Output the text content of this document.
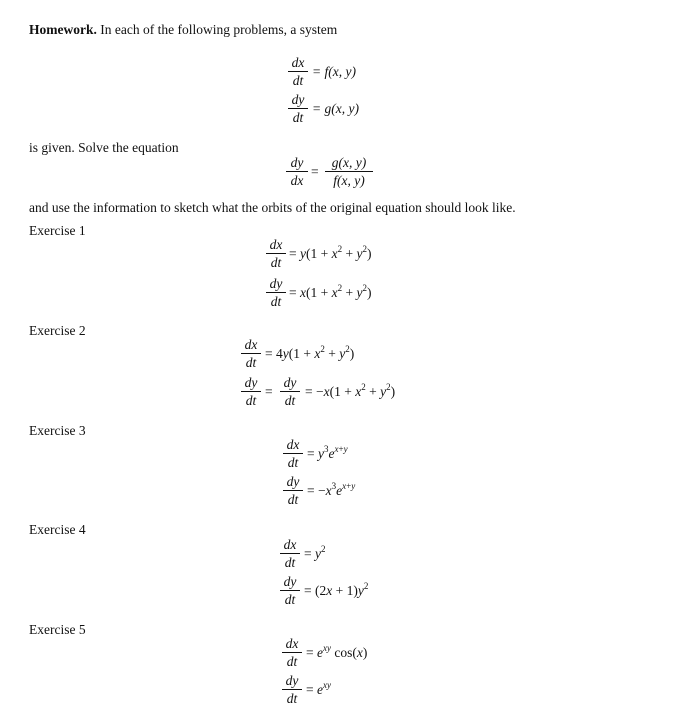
Homework. In each of the following problems, a system
$\frac{dx}{dt} = f(x$, y)
$\frac{dy}{dt} = g(x$, y)
is given. Solve the equation
$\frac{dy}{dx} = \frac{g(x, y)}{f(x, y)}$
and use the information to sketch what the orbits of the original equation should look like.
Exercise 1
$\frac{dx}{dt} = y(1 + x^2 + y^2)$
$\frac{dy}{dt} = x(1 + x^2 + y^2)$
Exercise 2
$\frac{dx}{dt} = 4y(1 + x^2 + y^2)$
$\frac{dy}{dt} = \frac{dy}{dt} = -x(1 + x^2 + y^2)$
Exercise 3
$\frac{dx}{dt} = y^3e^{x+y}$
$\frac{dy}{dt} = -x^3e^{x+y}$
Exercise 4
$\frac{dx}{dt} = y^2$
$\frac{dy}{dt} = (2x + 1)y^2$
Exercise 5
$\frac{dx}{dt} = e^{xy}$ cos(x)
$\frac{dy}{dt} = e^{xy}$
